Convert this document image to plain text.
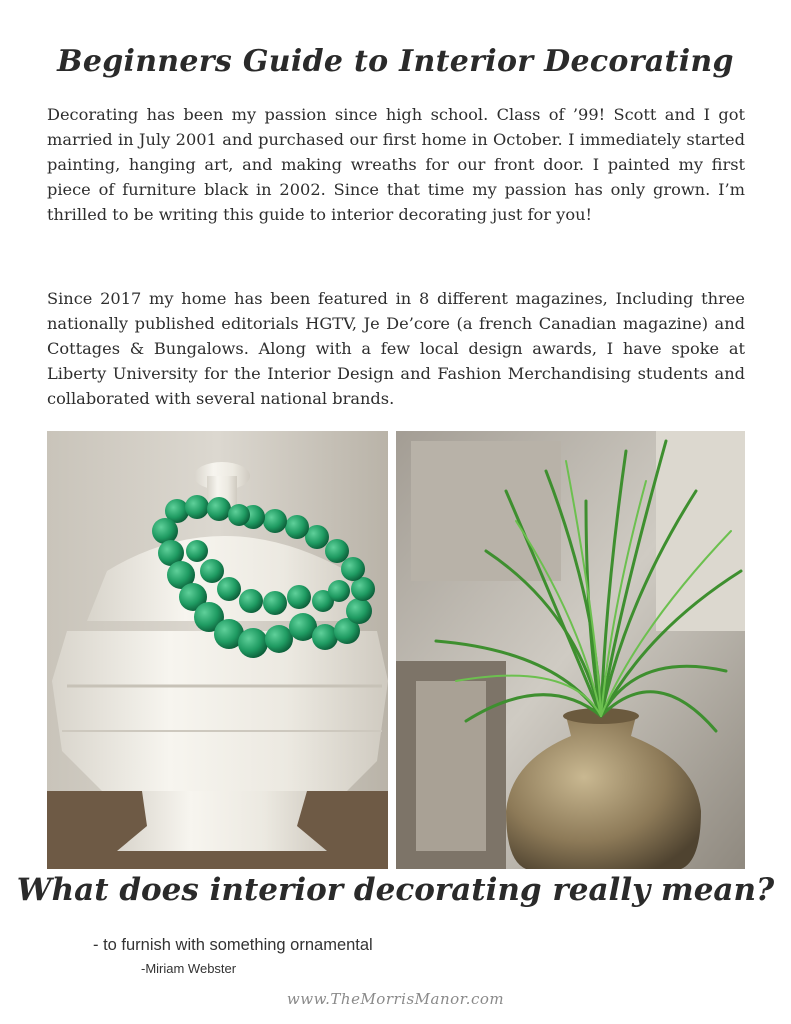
Beginners Guide to Interior Decorating

Decorating has been my passion since high school. Class of ’99! Scott and I got married in July 2001 and purchased our first home in October. I immediately started painting, hanging art, and making wreaths for our front door. I painted my first piece of furniture black in 2002. Since that time my passion has only grown. I’m thrilled to be writing this guide to interior decorating just for you!

Since 2017 my home has been featured in 8 different magazines, Including three nationally published editorials HGTV, Je De’core (a french Canadian magazine) and Cottages & Bungalows. Along with a few local design awards, I have spoke at Liberty University for the Interior Design and Fashion Merchandising students and collaborated with several national brands.

What does interior decorating really mean?
- to furnish with something ornamental
-Miriam Webster
www.TheMorrisManor.com
